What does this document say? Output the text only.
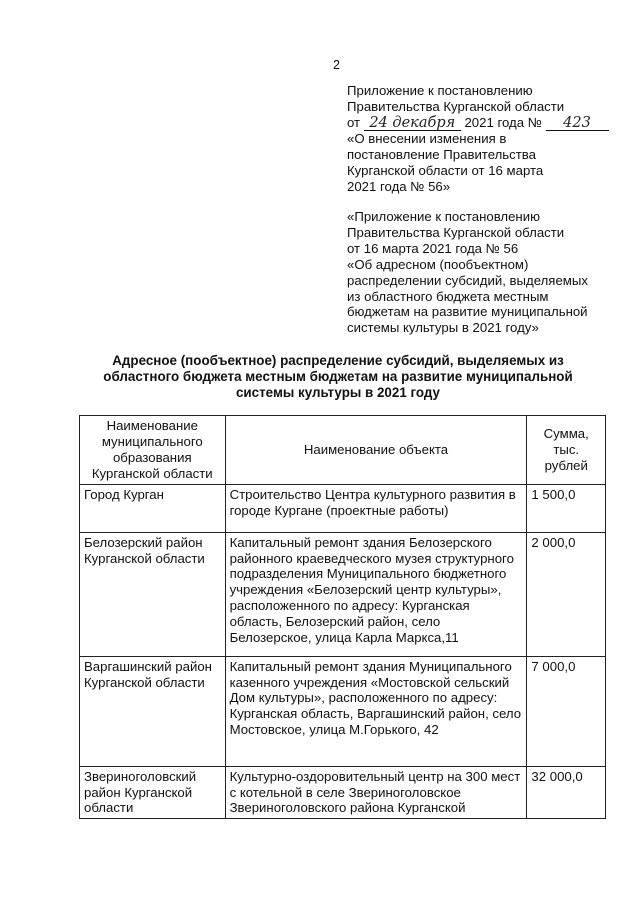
2
Приложение к постановлению
Правительства Курганской области
от 24 декабря 2021 года № 423
«О внесении изменения в
постановление Правительства
Курганской области от 16 марта
2021 года № 56»
«Приложение к постановлению
Правительства Курганской области
от 16 марта 2021 года № 56
«Об адресном (пообъектном)
распределении субсидий, выделяемых
из областного бюджета местным
бюджетам на развитие муниципальной
системы культуры в 2021 году»
Адресное (пообъектное) распределение субсидий, выделяемых из
областного бюджета местным бюджетам на развитие муниципальной
системы культуры в 2021 году
Наименование муниципального образования Курганской области	Наименование объекта	Сумма, тыс. рублей
Город Курган	Строительство Центра культурного развития в городе Кургане (проектные работы)	1 500,0
Белозерский район Курганской области	Капитальный ремонт здания Белозерского районного краеведческого музея структурного подразделения Муниципального бюджетного учреждения «Белозерский центр культуры», расположенного по адресу: Курганская область, Белозерский район, село Белозерское, улица Карла Маркса,11	2 000,0
Варгашинский район Курганской области	Капитальный ремонт здания Муниципального казенного учреждения «Мостовской сельский Дом культуры», расположенного по адресу: Курганская область, Варгашинский район, село Мостовское, улица М.Горького, 42	7 000,0
Звериноголовский район Курганской области	Культурно-оздоровительный центр на 300 мест с котельной в селе Звериноголовское Звериноголовского района Курганской	32 000,0
